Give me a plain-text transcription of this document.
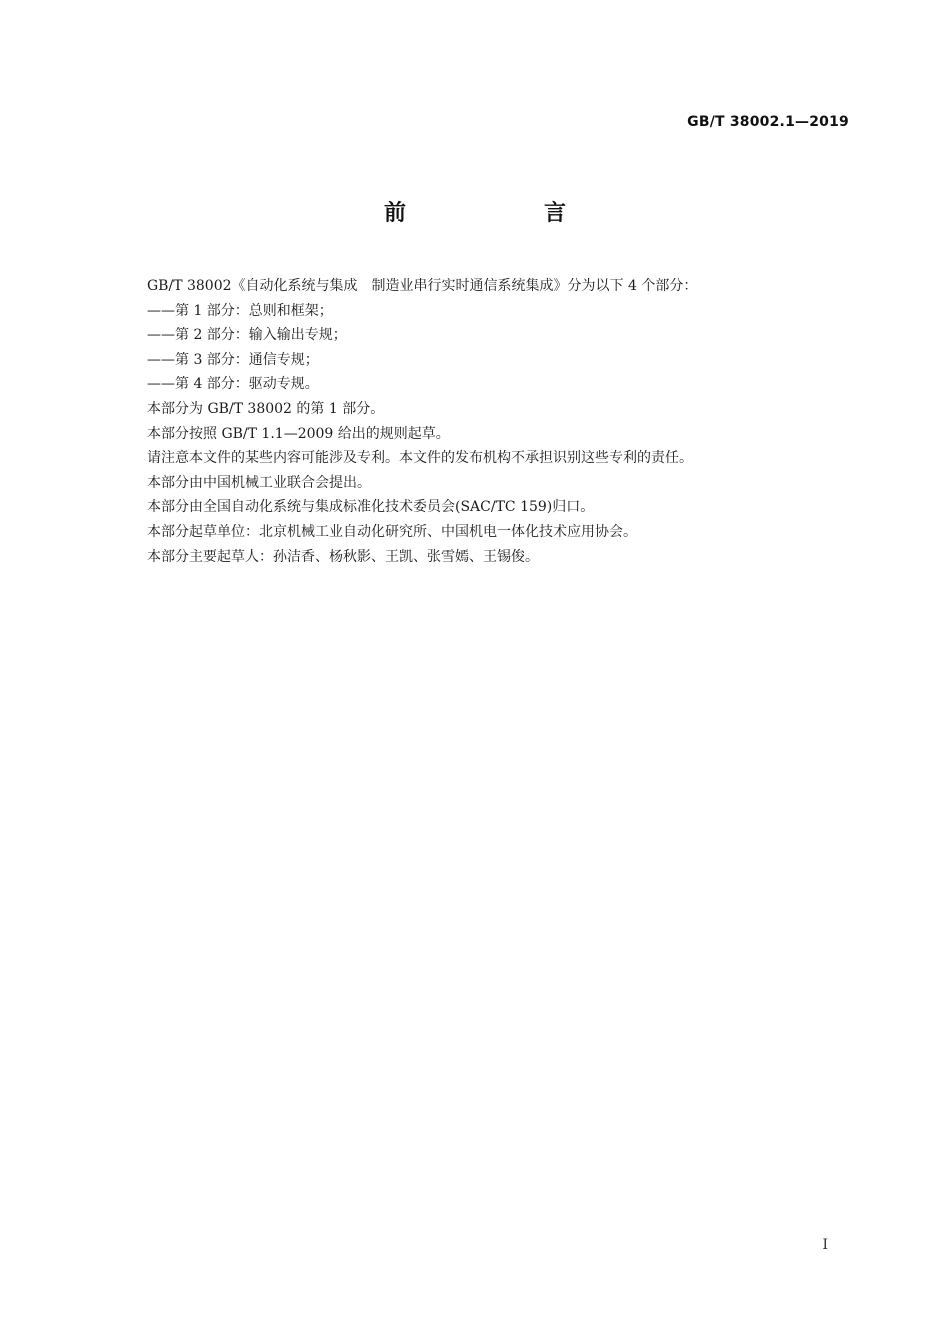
GB/T 38002.1—2019
前　言

GB/T 38002《自动化系统与集成　制造业串行实时通信系统集成》分为以下 4 个部分：

——第 1 部分：总则和框架；

——第 2 部分：输入输出专规；

——第 3 部分：通信专规；

——第 4 部分：驱动专规。

本部分为 GB/T 38002 的第 1 部分。

本部分按照 GB/T 1.1—2009 给出的规则起草。

请注意本文件的某些内容可能涉及专利。本文件的发布机构不承担识别这些专利的责任。

本部分由中国机械工业联合会提出。

本部分由全国自动化系统与集成标准化技术委员会(SAC/TC 159)归口。

本部分起草单位：北京机械工业自动化研究所、中国机电一体化技术应用协会。

本部分主要起草人：孙洁香、杨秋影、王凯、张雪嫣、王锡俊。

I
